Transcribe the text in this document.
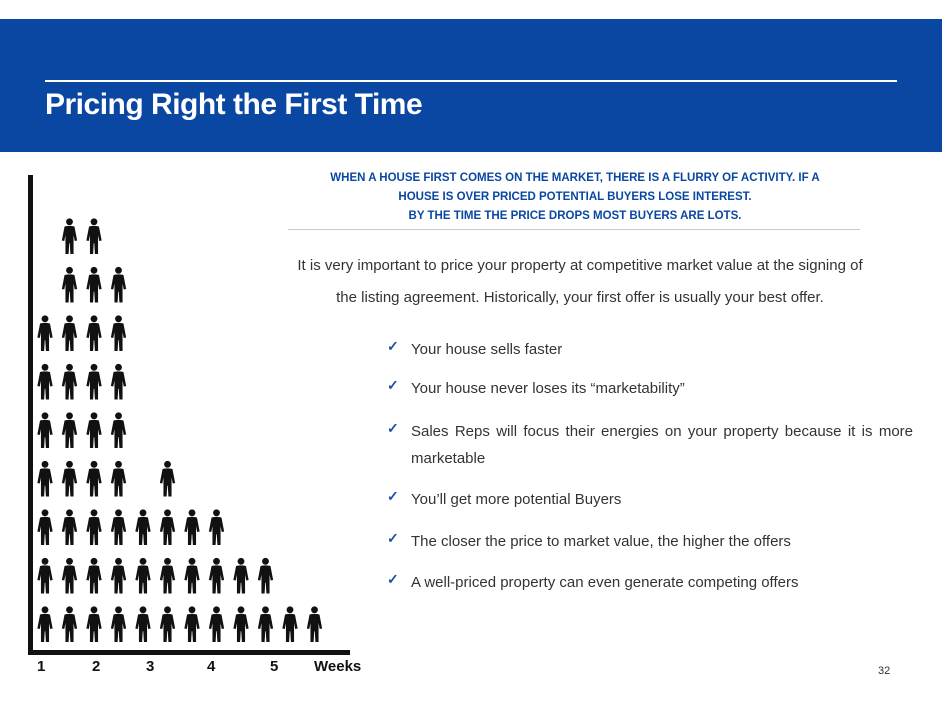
Pricing Right the First Time
WHEN A HOUSE FIRST COMES ON THE MARKET, THERE IS A FLURRY OF ACTIVITY. IF A
HOUSE IS OVER PRICED POTENTIAL BUYERS LOSE INTEREST.
BY THE TIME THE PRICE DROPS MOST BUYERS ARE LOTS.
It is very important to price your property at competitive market value at the signing of
the listing agreement. Historically, your first offer is usually your best offer.
✓ Your house sells faster
✓ Your house never loses its “marketability”
✓ Sales Reps will focus their energies on your property because it is more marketable
✓ You’ll get more potential Buyers
✓ The closer the price to market value, the higher the offers
✓ A well-priced property can even generate competing offers
1	2	3	4	5 Weeks	32
